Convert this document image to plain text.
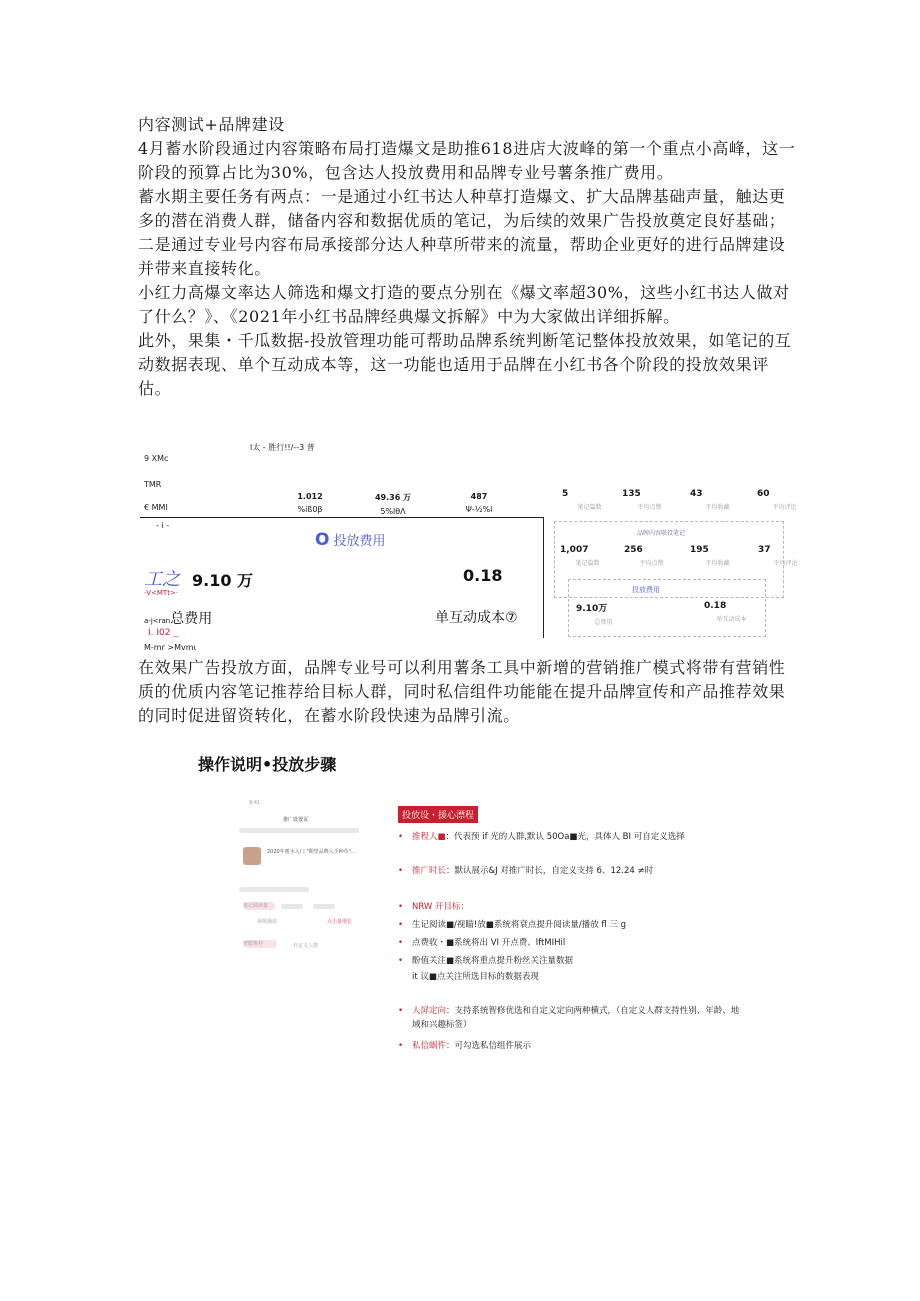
内容测试+品牌建设

4月蓄水阶段通过内容策略布局打造爆文是助推618进店大波峰的第一个重点小高峰，这一阶段的预算占比为30%，包含达人投放费用和品牌专业号薯条推广费用。

蓄水期主要任务有两点：一是通过小红书达人种草打造爆文、扩大品牌基础声量，触达更多的潜在消费人群，储备内容和数据优质的笔记，为后续的效果广告投放奠定良好基础；二是通过专业号内容布局承接部分达人种草所带来的流量，帮助企业更好的进行品牌建设并带来直接转化。

小红力高爆文率达人筛选和爆文打造的要点分别在《爆文率超30%，这些小红书达人做对了什么？》、《2021年小红书品牌经典爆文拆解》中为大家做出详细拆解。

此外，果集・千瓜数据-投放管理功能可帮助品牌系统判断笔记整体投放效果，如笔记的互动数据表现、单个互动成本等，这一功能也适用于品牌在小红书各个阶段的投放效果评估。

l太 - 胜行!!/--3 普
9 XMc
TMR
€ MMI
1.012
%iß0β
49.36 万
5%lθΛ
487
Ψ-½%l
- i -
O 投放费用
工之 9.10 万	0.18
·V<MTt>·
a-j<ran总费用	单互动成本⑦
I. I02 _
M-mr >Mvmι
5
笔记篇数
135
平均点赞
43
平均收藏
60
平均评论
品牌内容联投笔记
1,007
笔记篇数
256
平均点赞
195
平均收藏
37
平均评论
投放费用
9.10万
总费用
0.18
单互动成本

在效果广告投放方面，品牌专业号可以利用薯条工具中新增的营销推广模式将带有营销性质的优质内容笔记推荐给目标人群，同时私信组件功能能在提升品牌宣传和产品推荐效果的同时促进留资转化，在蓄水阶段快速为品牌引流。

操作说明•投放步骤
9:41
推广设置页
2020年蓄水入门 "期望品牌入手种草"...
笔记阅读量
视频播放	点击量增长
智能推荐	自定义人群
投放设・援心漂程
• 推程人■：代表预 if 光的人群,默认 50Oa■光，具体人 BI 可自定义选择
• 推广时长：默认展示&J 对推广时长，自定义支持 6、12.24 ≠时
• NRW 开目标：
• 生记阅读■/视瞄!放■系统将衰点提升阅读量/播放 fl 三 g
• 点费收・■系统将出 VI 开点费、lftMIHil
• 酚值关注■系统将重点提升粉丝关注量数据
it 议■点关注所选目标的数据表现
• 人屏定向：支持系统智修优选和自定义定向两种横式，（自定义人群支持性别、年龄、地
域和兴趣标签）
• 私信蜗件：可勾选私信组件展示
